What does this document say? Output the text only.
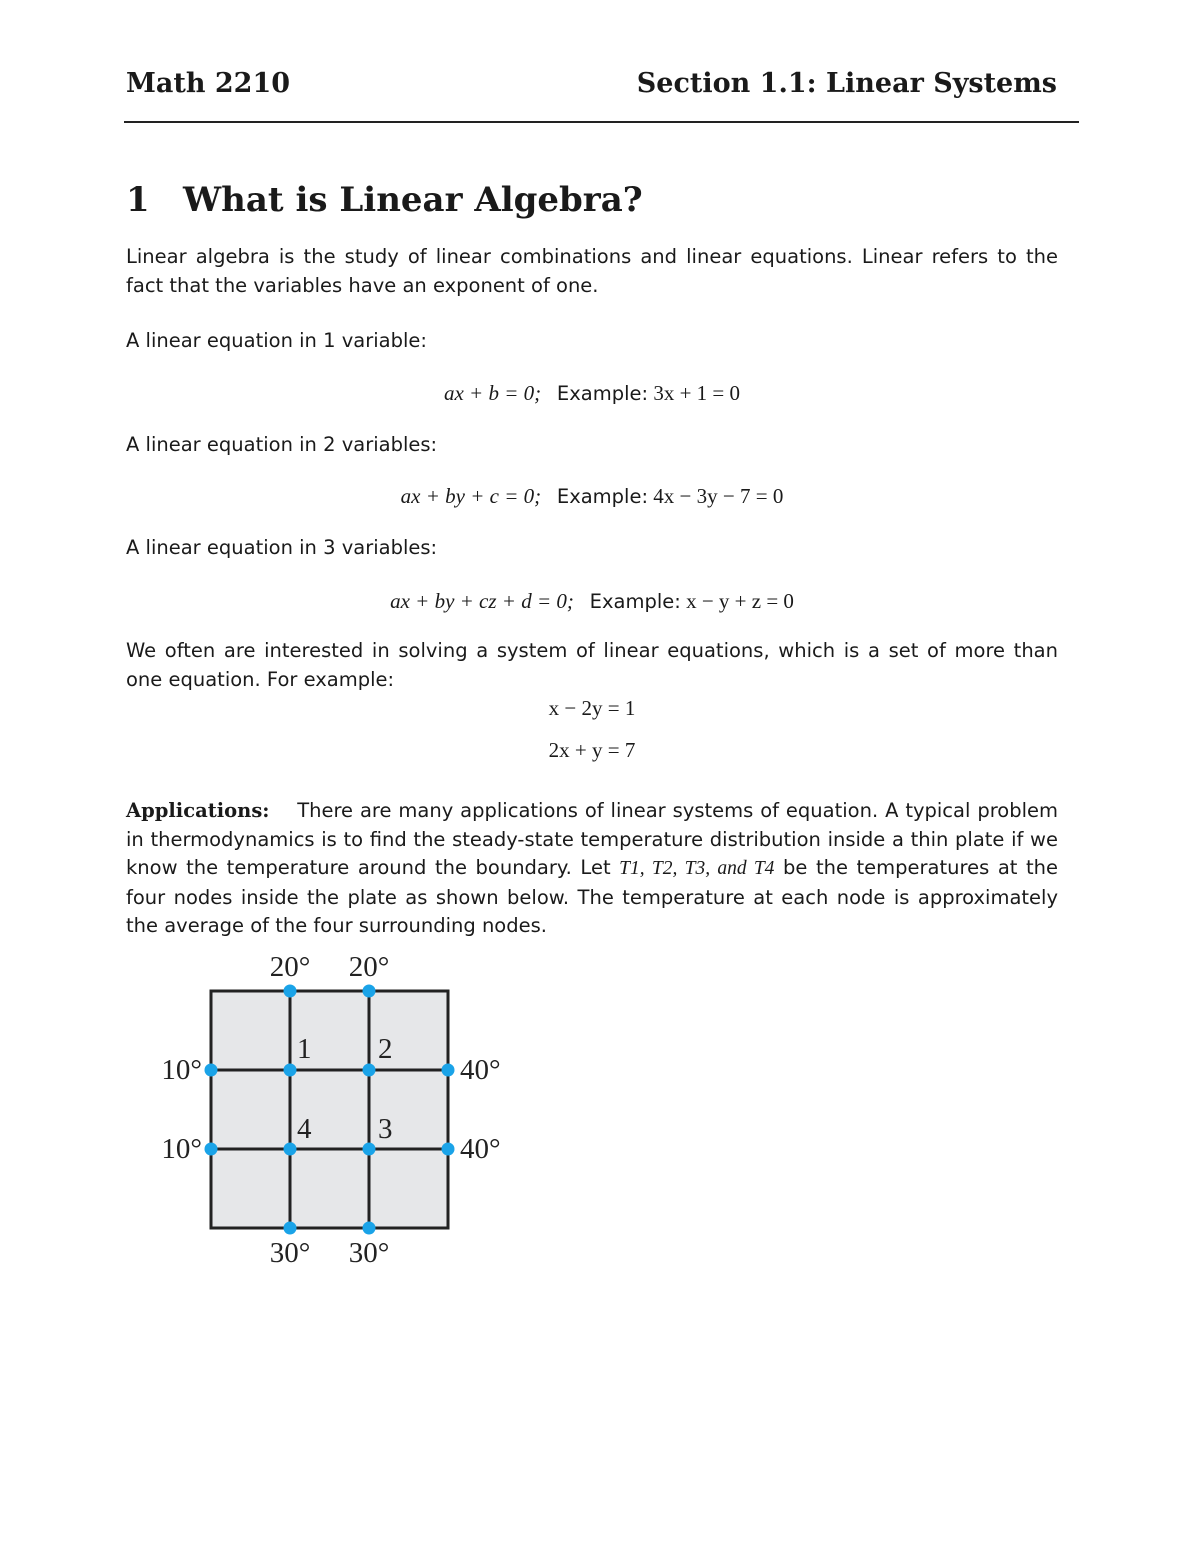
Math 2210	Section 1.1: Linear Systems
1 What is Linear Algebra?
Linear algebra is the study of linear combinations and linear equations. Linear refers to the fact that the variables have an exponent of one.
A linear equation in 1 variable:
ax + b = 0; Example: 3x + 1 = 0
A linear equation in 2 variables:
ax + by + c = 0; Example: 4x − 3y − 7 = 0
A linear equation in 3 variables:
ax + by + cz + d = 0; Example: x − y + z = 0
We often are interested in solving a system of linear equations, which is a set of more than one equation. For example:
x − 2y = 1
2x + y = 7
Applications: There are many applications of linear systems of equation. A typical problem in thermodynamics is to find the steady-state temperature distribution inside a thin plate if we know the temperature around the boundary. Let T1, T2, T3, and T4 be the temperatures at the four nodes inside the plate as shown below. The temperature at each node is approximately the average of the four surrounding nodes.
20° 20°
10°
10°
40°
40°
30° 30°
1 2
3
4
